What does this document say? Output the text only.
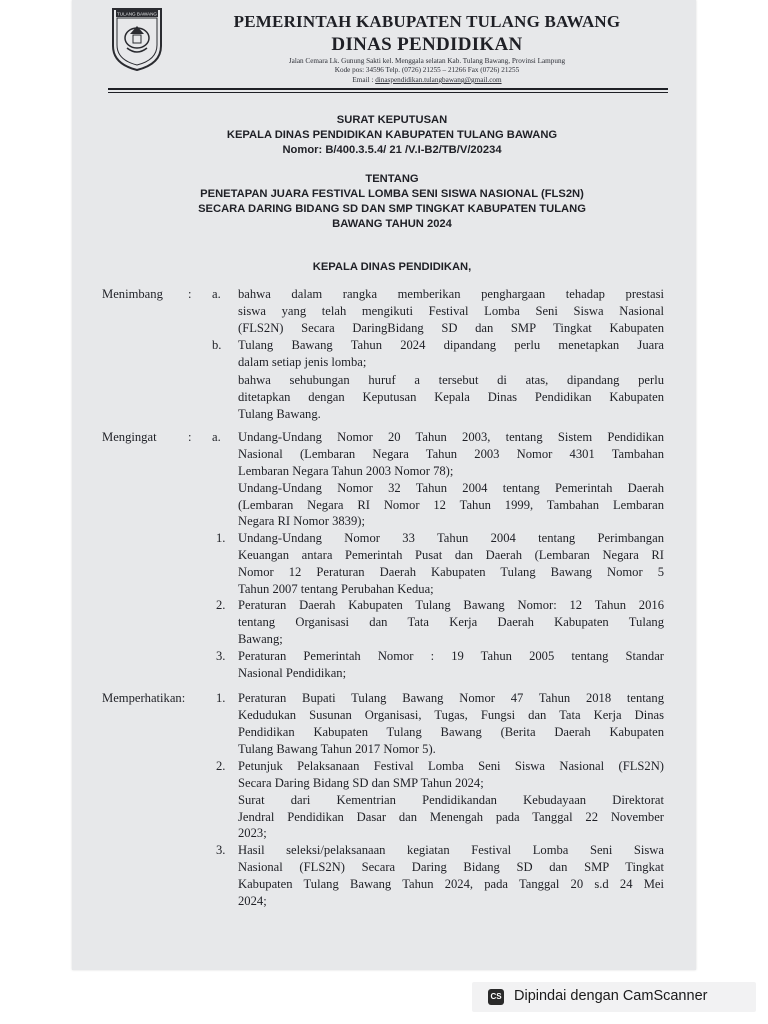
TULANG BAWANG	PEMERINTAH KABUPATEN TULANG BAWANG
DINAS PENDIDIKAN
Jalan Cemara Lk. Gunung Sakti kel. Menggala selatan Kab. Tulang Bawang, Provinsi Lampung
Kode pos: 34596 Telp. (0726) 21255 – 21266 Fax (0726) 21255
Email : dinaspendidikan.tulangbawang@gmail.com
SURAT KEPUTUSAN
KEPALA DINAS PENDIDIKAN KABUPATEN TULANG BAWANG
Nomor: B/400.3.5.4/ 21 /V.I-B2/TB/V/20234
TENTANG
PENETAPAN JUARA FESTIVAL LOMBA SENI SISWA NASIONAL (FLS2N)
SECARA DARING BIDANG SD DAN SMP TINGKAT KABUPATEN TULANG
BAWANG TAHUN 2024
KEPALA DINAS PENDIDIKAN,
Menimbang : a.
b.
bahwa dalam rangka memberikan penghargaan tehadap prestasi
siswa yang telah mengikuti Festival Lomba Seni Siswa Nasional
(FLS2N) Secara DaringBidang SD dan SMP Tingkat Kabupaten
Tulang Bawang Tahun 2024 dipandang perlu menetapkan Juara
dalam setiap jenis lomba;
bahwa sehubungan huruf a tersebut di atas, dipandang perlu
ditetapkan dengan Keputusan Kepala Dinas Pendidikan Kabupaten
Tulang Bawang.
Mengingat : a.
1.
2.
3.
Undang-Undang Nomor 20 Tahun 2003, tentang Sistem Pendidikan
Nasional (Lembaran Negara Tahun 2003 Nomor 4301 Tambahan
Lembaran Negara Tahun 2003 Nomor 78);
Undang-Undang Nomor 32 Tahun 2004 tentang Pemerintah Daerah
(Lembaran Negara RI Nomor 12 Tahun 1999, Tambahan Lembaran
Negara RI Nomor 3839);
Undang-Undang Nomor 33 Tahun 2004 tentang Perimbangan
Keuangan antara Pemerintah Pusat dan Daerah (Lembaran Negara RI
Nomor 12 Peraturan Daerah Kabupaten Tulang Bawang Nomor 5
Tahun 2007 tentang Perubahan Kedua;
Peraturan Daerah Kabupaten Tulang Bawang Nomor: 12 Tahun 2016
tentang Organisasi dan Tata Kerja Daerah Kabupaten Tulang
Bawang;
Peraturan Pemerintah Nomor : 19 Tahun 2005 tentang Standar
Nasional Pendidikan;
Memperhatikan: 1.
2.
3.
Peraturan Bupati Tulang Bawang Nomor 47 Tahun 2018 tentang
Kedudukan Susunan Organisasi, Tugas, Fungsi dan Tata Kerja Dinas
Pendidikan Kabupaten Tulang Bawang (Berita Daerah Kabupaten
Tulang Bawang Tahun 2017 Nomor 5).
Petunjuk Pelaksanaan Festival Lomba Seni Siswa Nasional (FLS2N)
Secara Daring Bidang SD dan SMP Tahun 2024;
Surat dari Kementrian Pendidikandan Kebudayaan Direktorat
Jendral Pendidikan Dasar dan Menengah pada Tanggal 22 November
2023;
Hasil seleksi/pelaksanaan kegiatan Festival Lomba Seni Siswa
Nasional (FLS2N) Secara Daring Bidang SD dan SMP Tingkat
Kabupaten Tulang Bawang Tahun 2024, pada Tanggal 20 s.d 24 Mei
2024;
CS Dipindai dengan CamScanner
